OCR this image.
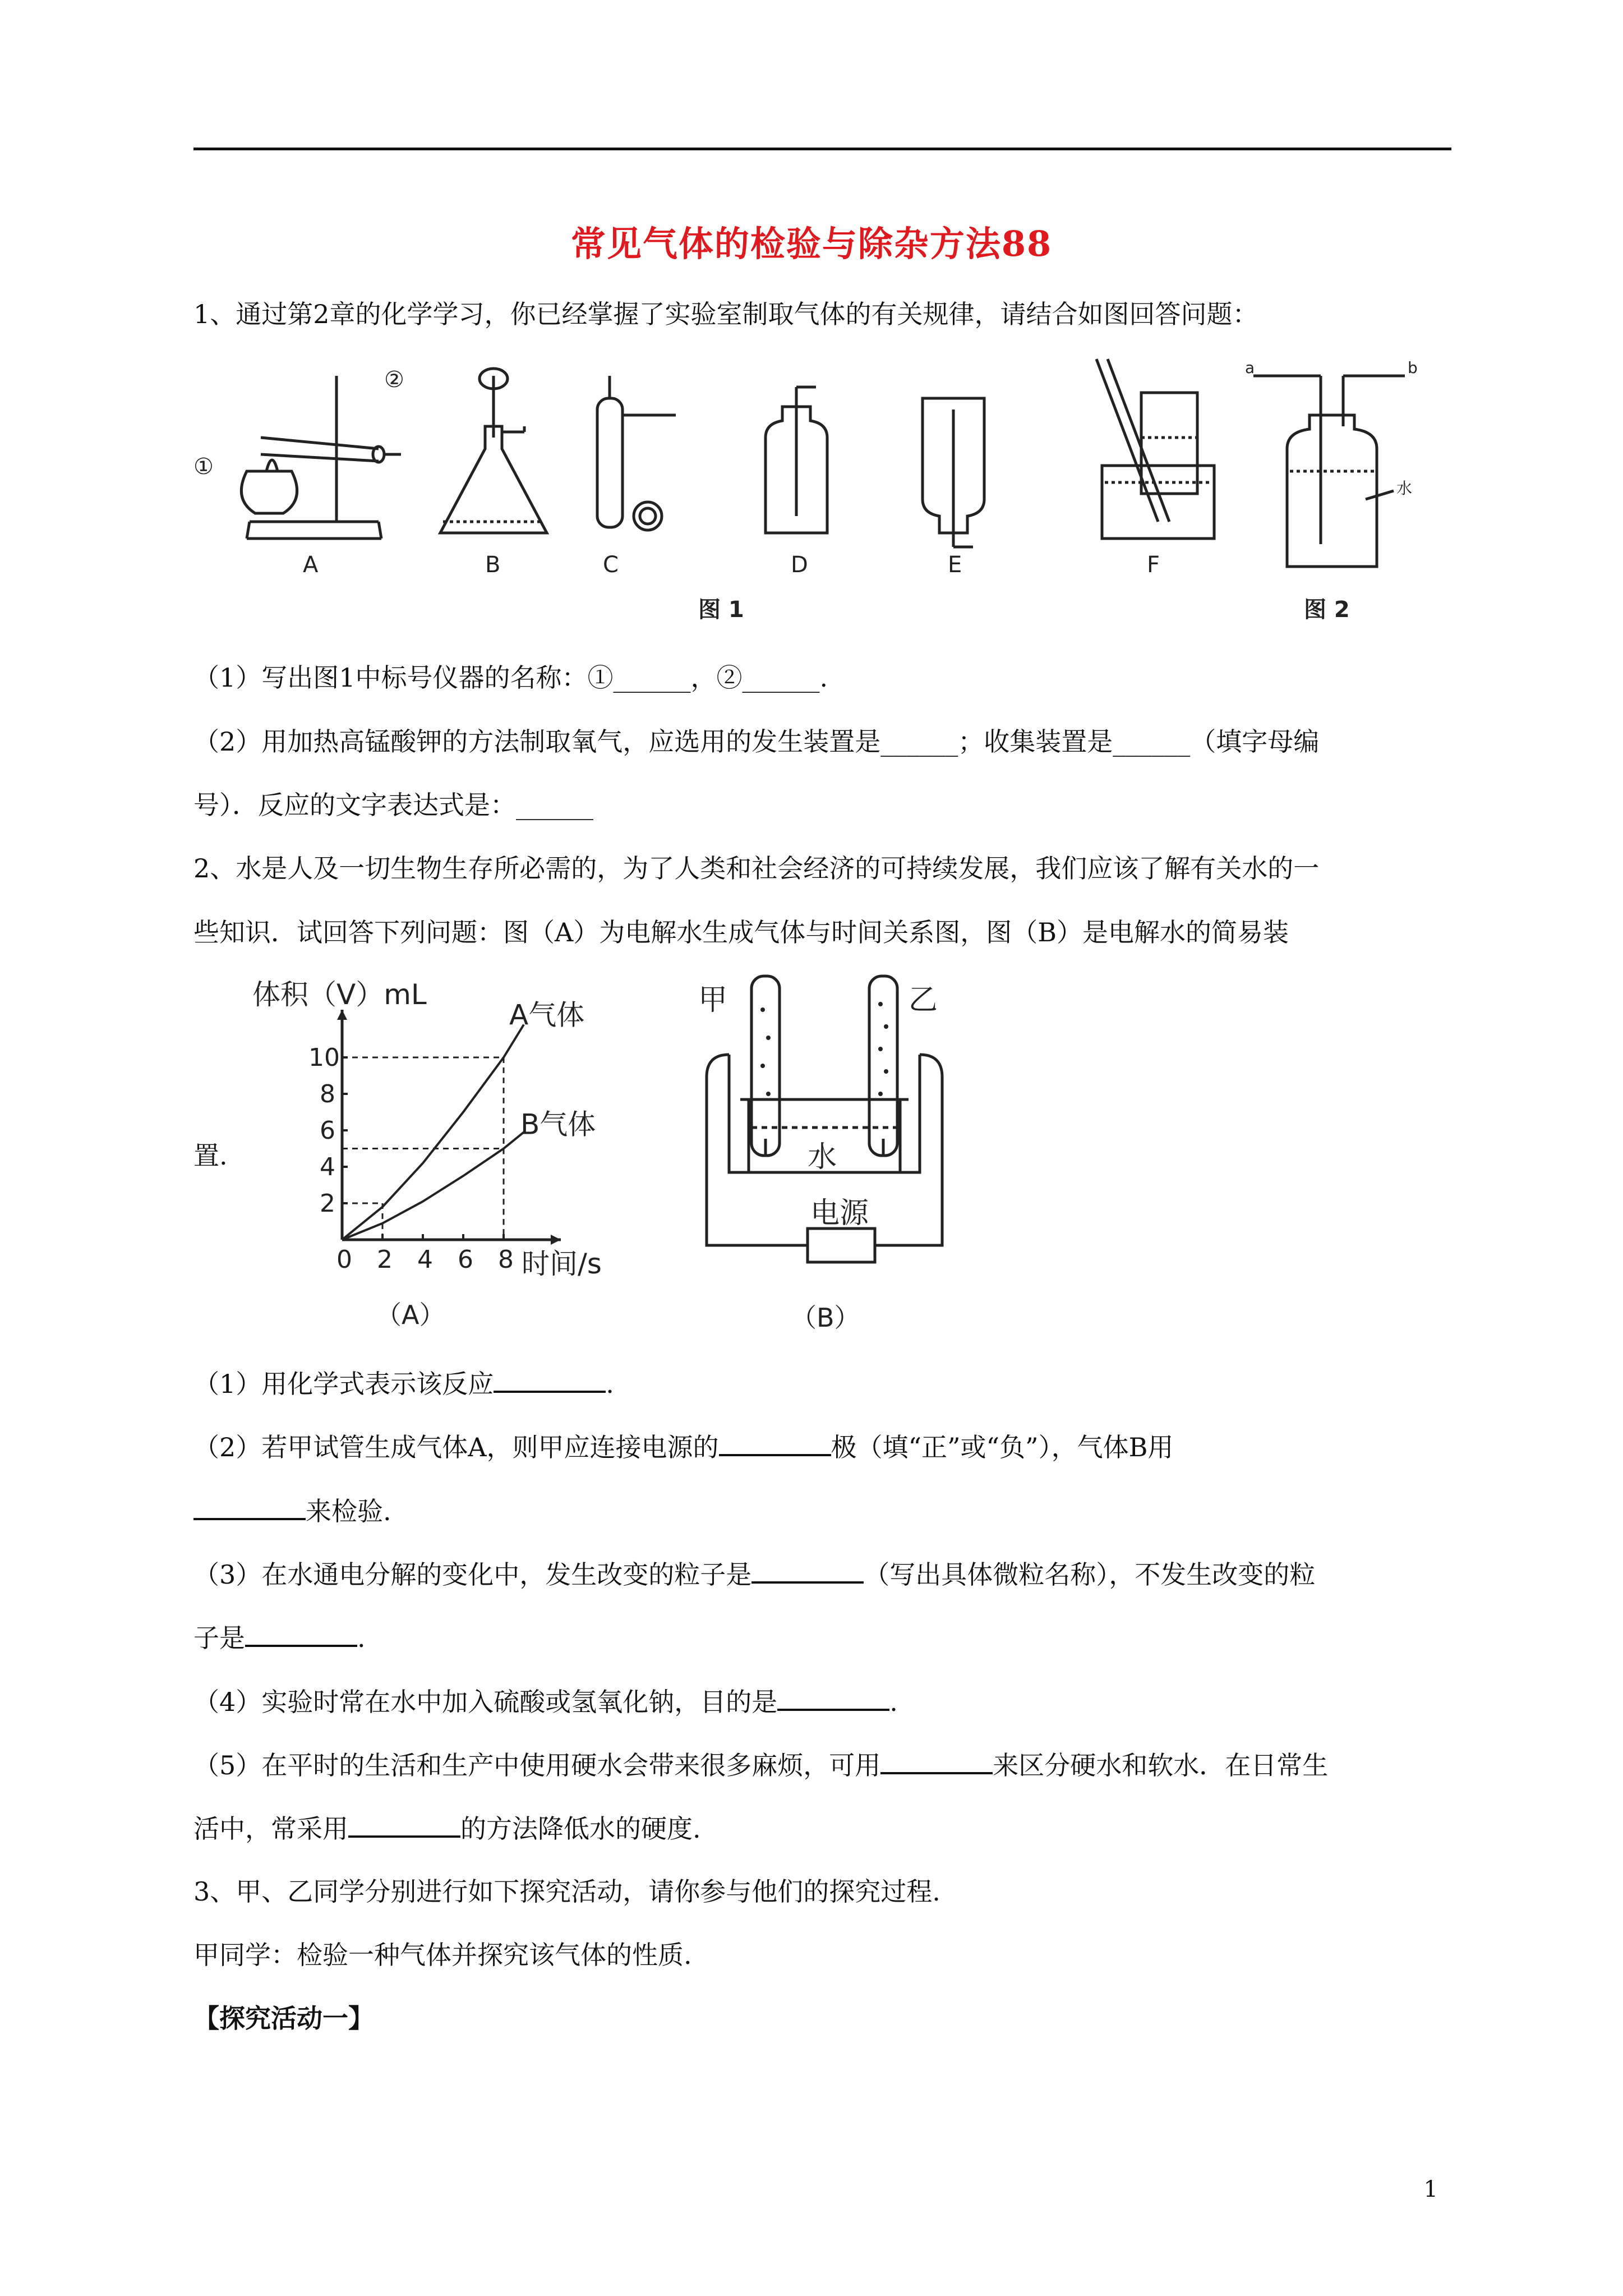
常见气体的检验与除杂方法88
1、通过第2章的化学学习，你已经掌握了实验室制取气体的有关规律，请结合如图回答问题：
①
②
A	B	C	D	E	F
a	b
水
图 1	图 2
（1）写出图1中标号仪器的名称：①______，②______.
（2）用加热高锰酸钾的方法制取氧气，应选用的发生装置是______；收集装置是______（填字母编
号）．反应的文字表达式是：______
2、水是人及一切生物生存所必需的，为了人类和社会经济的可持续发展，我们应该了解有关水的一
些知识．试回答下列问题：图（A）为电解水生成气体与时间关系图，图（B）是电解水的简易装
置.
0 2 4 6 8
2
4
6
8
10
体积（V）mL
时间/s
A气体
B气体
（A）
甲	乙
水
电源
（B）
（1）用化学式表示该反应	.
（2）若甲试管生成气体A，则甲应连接电源的	极（填“正”或“负”），气体B用
来检验.
（3）在水通电分解的变化中，发生改变的粒子是	（写出具体微粒名称），不发生改变的粒
子是	.
（4）实验时常在水中加入硫酸或氢氧化钠，目的是	.
（5）在平时的生活和生产中使用硬水会带来很多麻烦，可用	来区分硬水和软水．在日常生
活中，常采用	的方法降低水的硬度.
3、甲、乙同学分别进行如下探究活动，请你参与他们的探究过程.
甲同学：检验一种气体并探究该气体的性质.
【探究活动一】
1
